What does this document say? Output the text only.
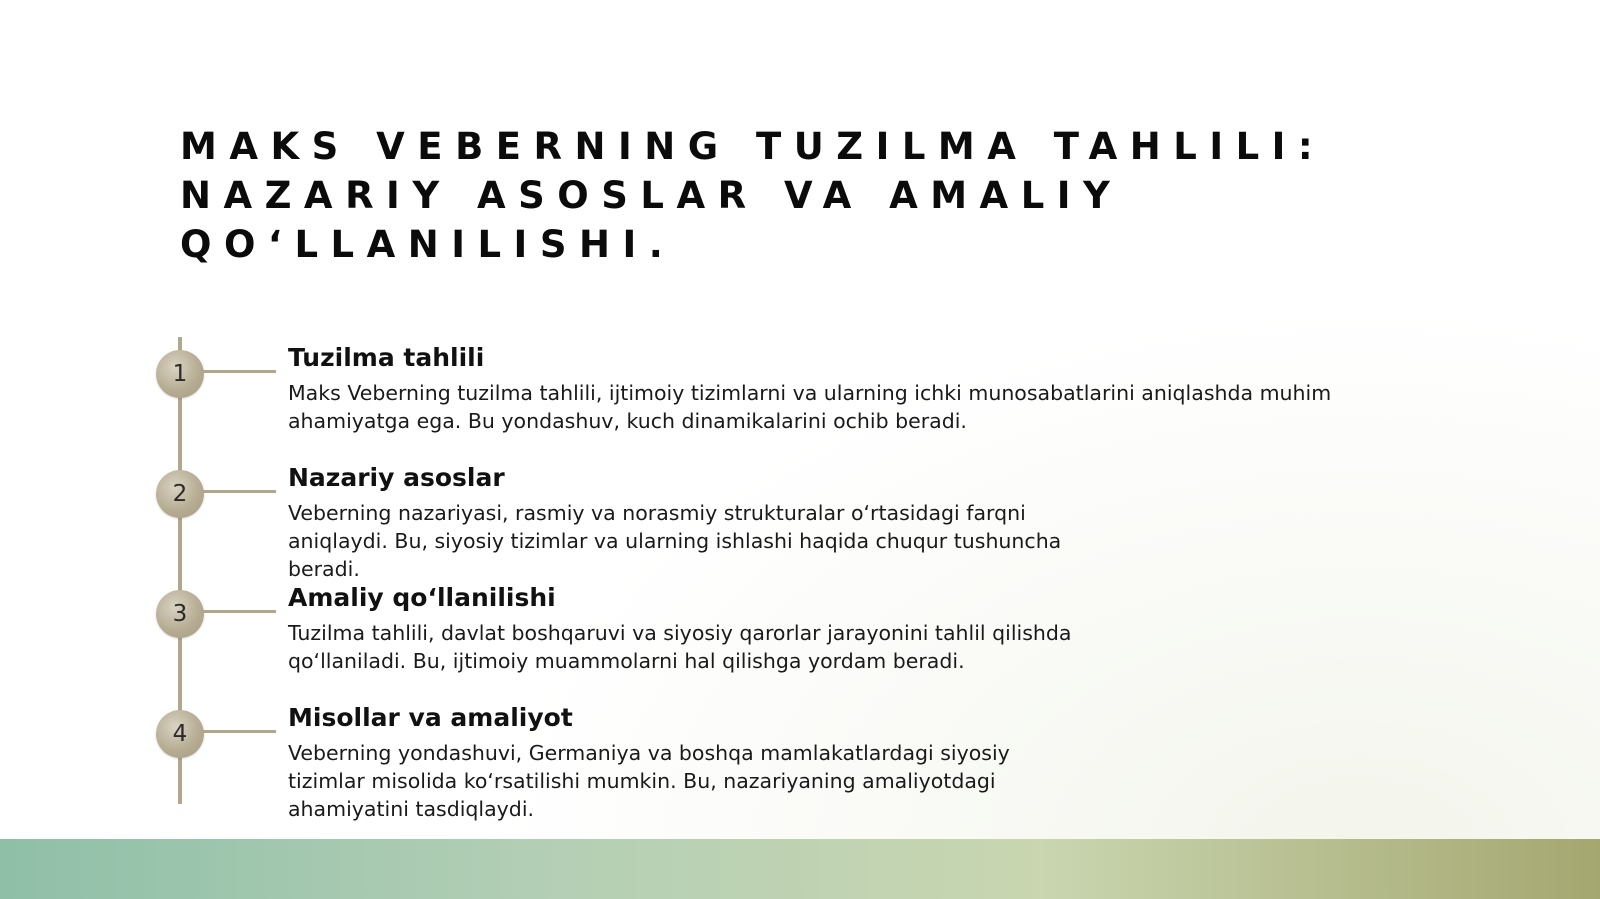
MAKS VEBERNING TUZILMA TAHLILI:
NAZARIY ASOSLAR VA AMALIY
QO‘LLANILISHI.
1
Tuzilma tahlili

Maks Veberning tuzilma tahlili, ijtimoiy tizimlarni va ularning ichki munosabatlarini aniqlashda muhim ahamiyatga ega. Bu yondashuv, kuch dinamikalarini ochib beradi.

2
Nazariy asoslar

Veberning nazariyasi, rasmiy va norasmiy strukturalar o‘rtasidagi farqni aniqlaydi. Bu, siyosiy tizimlar va ularning ishlashi haqida chuqur tushuncha beradi.

3
Amaliy qo‘llanilishi

Tuzilma tahlili, davlat boshqaruvi va siyosiy qarorlar jarayonini tahlil qilishda qo‘llaniladi. Bu, ijtimoiy muammolarni hal qilishga yordam beradi.

4
Misollar va amaliyot

Veberning yondashuvi, Germaniya va boshqa mamlakatlardagi siyosiy tizimlar misolida ko‘rsatilishi mumkin. Bu, nazariyaning amaliyotdagi ahamiyatini tasdiqlaydi.
